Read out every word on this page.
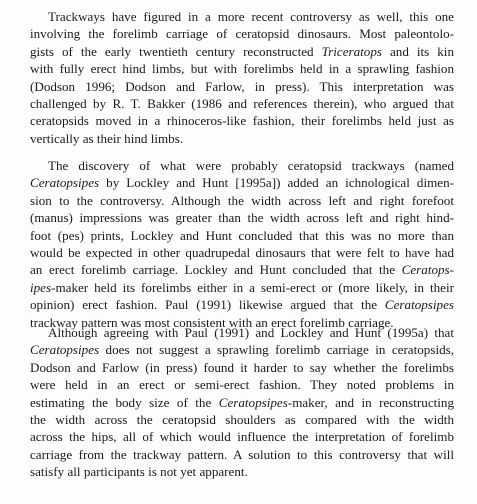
Trackways have figured in a more recent controversy as well, this one
involving the forelimb carriage of ceratopsid dinosaurs. Most paleontolo-
gists of the early twentieth century reconstructed Triceratops and its kin
with fully erect hind limbs, but with forelimbs held in a sprawling fashion
(Dodson 1996; Dodson and Farlow, in press). This interpretation was
challenged by R. T. Bakker (1986 and references therein), who argued that
ceratopsids moved in a rhinoceros-like fashion, their forelimbs held just as
vertically as their hind limbs.

The discovery of what were probably ceratopsid trackways (named
Ceratopsipes by Lockley and Hunt [1995a]) added an ichnological dimen-
sion to the controversy. Although the width across left and right forefoot
(manus) impressions was greater than the width across left and right hind-
foot (pes) prints, Lockley and Hunt concluded that this was no more than
would be expected in other quadrupedal dinosaurs that were felt to have had
an erect forelimb carriage. Lockley and Hunt concluded that the Ceratops-
ipes-maker held its forelimbs either in a semi-erect or (more likely, in their
opinion) erect fashion. Paul (1991) likewise argued that the Ceratopsipes
trackway pattern was most consistent with an erect forelimb carriage.

Although agreeing with Paul (1991) and Lockley and Hunt (1995a) that
Ceratopsipes does not suggest a sprawling forelimb carriage in ceratopsids,
Dodson and Farlow (in press) found it harder to say whether the forelimbs
were held in an erect or semi-erect fashion. They noted problems in
estimating the body size of the Ceratopsipes-maker, and in reconstructing
the width across the ceratopsid shoulders as compared with the width
across the hips, all of which would influence the interpretation of forelimb
carriage from the trackway pattern. A solution to this controversy that will
satisfy all participants is not yet apparent.
